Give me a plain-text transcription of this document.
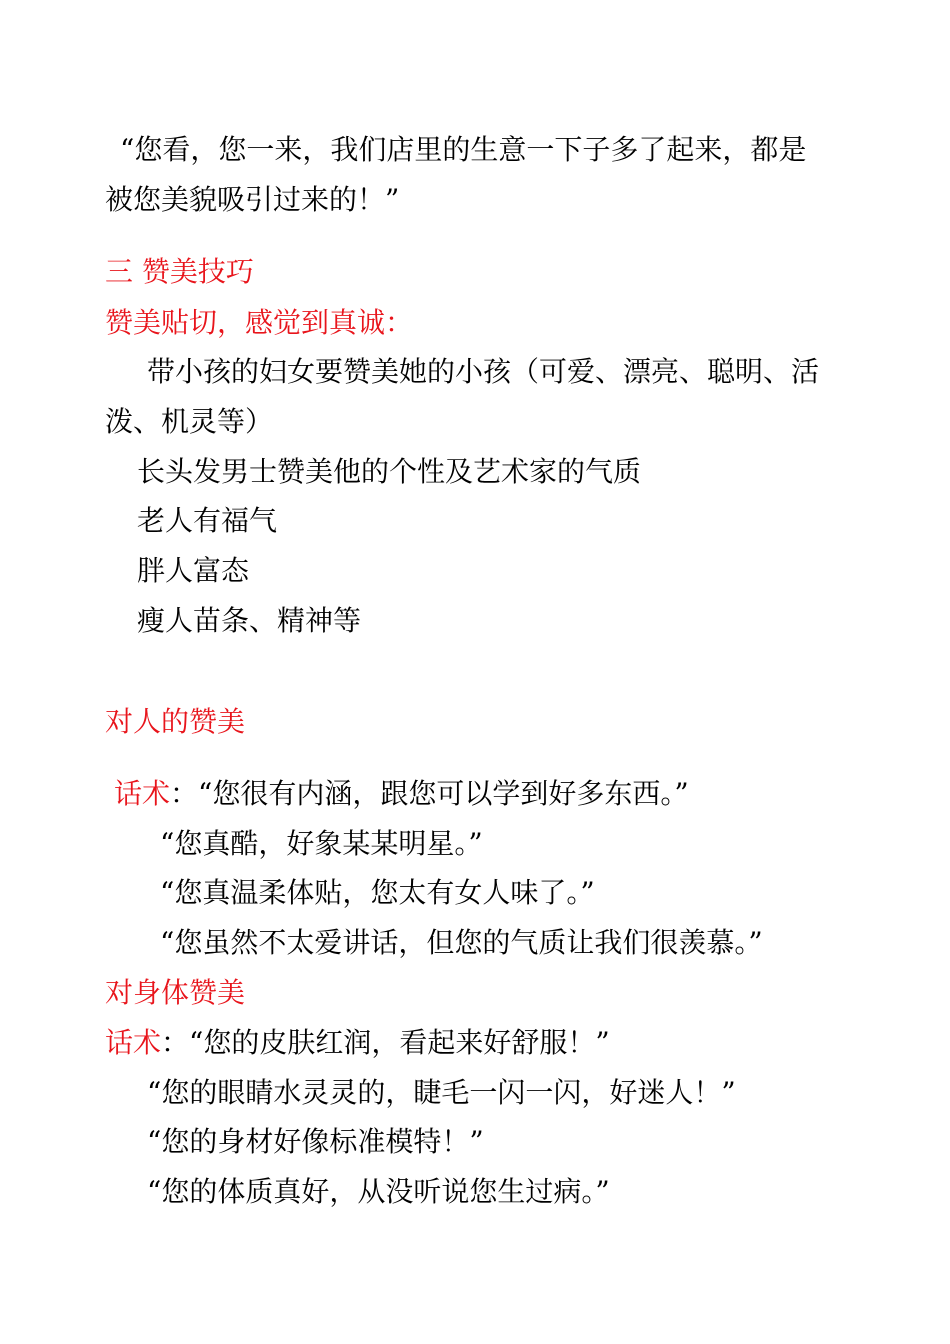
“您看，您一来，我们店里的生意一下子多了起来，都是

被您美貌吸引过来的！”

三 赞美技巧

赞美贴切，感觉到真诚：

带小孩的妇女要赞美她的小孩（可爱、漂亮、聪明、活

泼、机灵等）

长头发男士赞美他的个性及艺术家的气质

老人有福气

胖人富态

瘦人苗条、精神等

对人的赞美

话术：“您很有内涵，跟您可以学到好多东西。”

“您真酷，好象某某明星。”

“您真温柔体贴，您太有女人味了。”

“您虽然不太爱讲话，但您的气质让我们很羡慕。”

对身体赞美

话术：“您的皮肤红润，看起来好舒服！”

“您的眼睛水灵灵的，睫毛一闪一闪，好迷人！”

“您的身材好像标准模特！”

“您的体质真好，从没听说您生过病。”
